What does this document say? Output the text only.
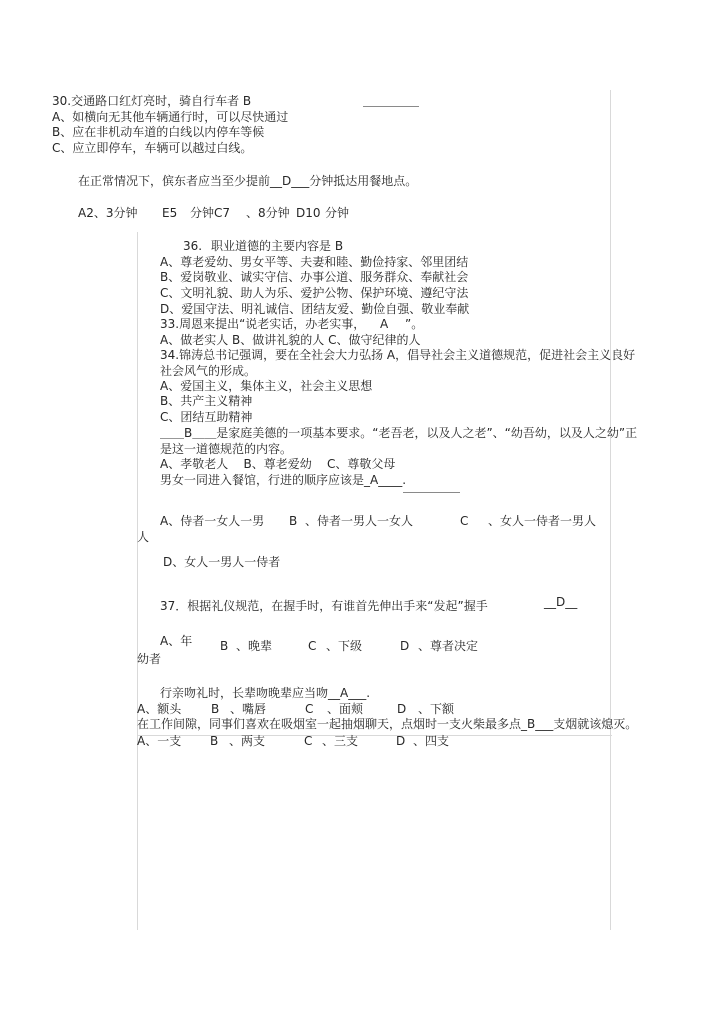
30.交通路口红灯亮时，骑自行车者 B
A、如横向无其他车辆通行时，可以尽快通过
B、应在非机动车道的白线以内停车等候
C、应立即停车，车辆可以越过白线。
在正常情况下，傧东者应当至少提前__D___分钟抵达用餐地点。
A2、3分钟 E5 分钟C7 、8分钟 D10 分钟
36. 职业道德的主要内容是 B
A、尊老爱幼、男女平等、夫妻和睦、勤俭持家、邻里团结
B、爱岗敬业、诚实守信、办事公道、服务群众、奉献社会
C、文明礼貌、助人为乐、爱护公物、保护环境、遵纪守法
D、爱国守法、明礼诚信、团结友爱、勤俭自强、敬业奉献
33.周恩来提出“说老实话，办老实事， A ”。
A、做老实人 B、做讲礼貌的人 C、做守纪律的人
34.锦涛总书记强调，要在全社会大力弘扬 A，倡导社会主义道德规范，促进社会主义良好
社会风气的形成。
A、爱国主义，集体主义，社会主义思想
B、共产主义精神
C、团结互助精神
＿＿B＿＿是家庭美德的一项基本要求。“老吾老，以及人之老”、“幼吾幼，以及人之幼”正
是这一道德规范的内容。
A、孝敬老人    B、尊老爱幼    C、尊敬父母
男女一同进入餐馆，行进的顺序应该是_A____.
A、侍者一女人一男 B 、侍者一男人一女人	C 、女人一侍者一男人
人
D、女人一男人一侍者
37．根据礼仪规范，在握手时，有谁首先伸出手来“发起”握手	__D__
A、年 B 、晚辈	C 、下级	D 、尊者决定
幼者
行亲吻礼时，长辈吻晚辈应当吻__A___.
A、额头 B 、嘴唇	C 、面颊	D 、下额
在工作间隙，同事们喜欢在吸烟室一起抽烟聊天，点烟时一支火柴最多点_B___支烟就该熄灭。
A、一支 B 、两支	C 、三支	D 、四支
